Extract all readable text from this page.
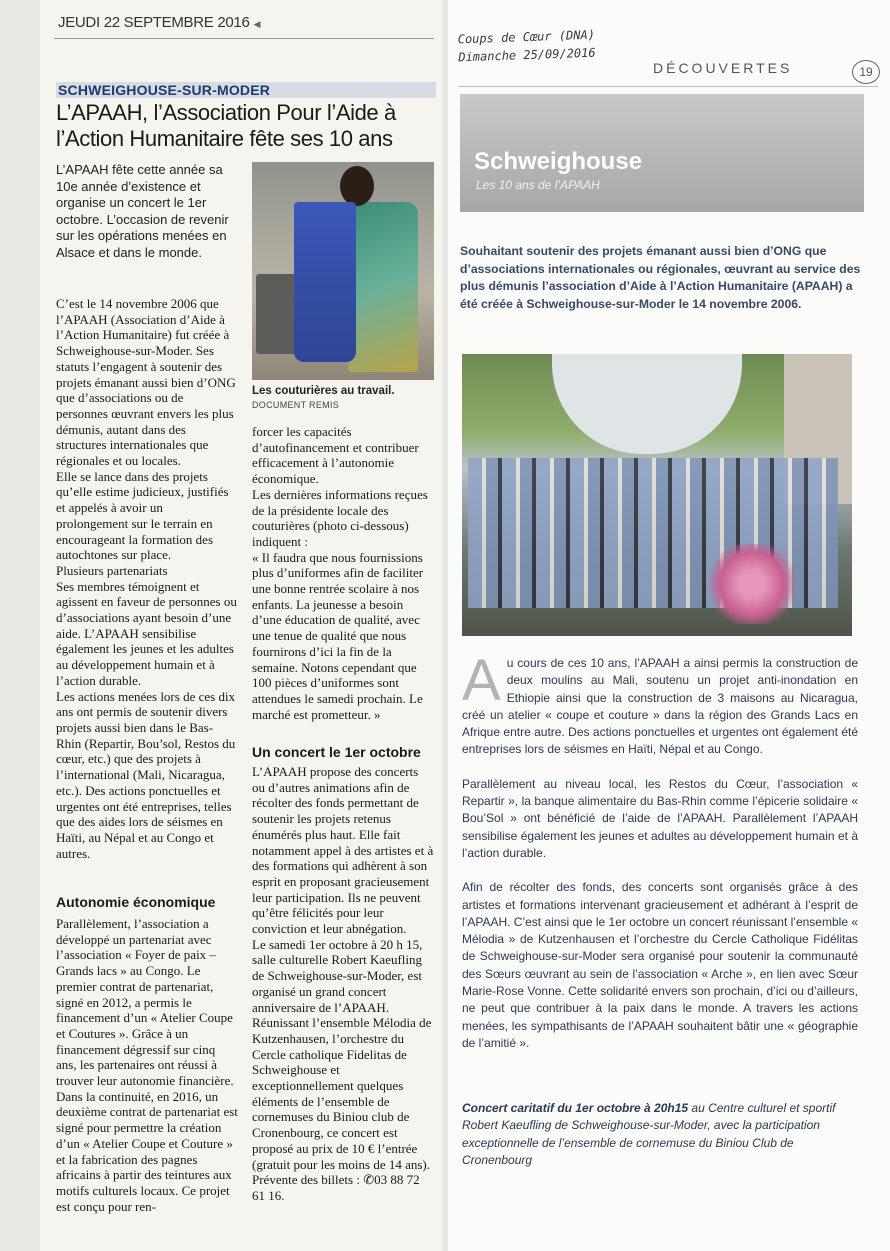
JEUDI 22 SEPTEMBRE 2016 ◀
SCHWEIGHOUSE-SUR-MODER
L’APAAH, l’Association Pour l’Aide à l’Action Humanitaire fête ses 10 ans
L’APAAH fête cette année sa 10e année d’existence et organise un concert le 1er octobre. L’occasion de revenir sur les opérations menées en Alsace et dans le monde.
Les couturières au travail.
DOCUMENT REMIS

C’est le 14 novembre 2006 que l’APAAH (Association d’Aide à l’Action Humanitaire) fut créée à Schweighouse-sur-Moder. Ses statuts l’engagent à soutenir des projets émanant aussi bien d’ONG que d’associations ou de personnes œuvrant envers les plus démunis, autant dans des structures internationales que régionales et ou locales.

Elle se lance dans des projets qu’elle estime judicieux, justifiés et appelés à avoir un prolongement sur le terrain en encourageant la formation des autochtones sur place.

Plusieurs partenariats

Ses membres témoignent et agissent en faveur de personnes ou d’associations ayant besoin d’une aide. L’APAAH sensibilise également les jeunes et les adultes au développement humain et à l’action durable.

Les actions menées lors de ces dix ans ont permis de soutenir divers projets aussi bien dans le Bas-Rhin (Repartir, Bou’sol, Restos du cœur, etc.) que des projets à l’international (Mali, Nicaragua, etc.). Des actions ponctuelles et urgentes ont été entreprises, telles que des aides lors de séismes en Haïti, au Népal et au Congo et autres.

Autonomie économique

Parallèlement, l’association a développé un partenariat avec l’association « Foyer de paix – Grands lacs » au Congo. Le premier contrat de partenariat, signé en 2012, a permis le financement d’un « Atelier Coupe et Coutures ». Grâce à un financement dégressif sur cinq ans, les partenaires ont réussi à trouver leur autonomie financière.

Dans la continuité, en 2016, un deuxième contrat de partenariat est signé pour permettre la création d’un « Atelier Coupe et Couture » et la fabrication des pagnes africains à partir des teintures aux motifs culturels locaux. Ce projet est conçu pour ren-

forcer les capacités d’autofinancement et contribuer efficacement à l’autonomie économique.

Les dernières informations reçues de la présidente locale des couturières (photo ci-dessous) indiquent :

« Il faudra que nous fournissions plus d’uniformes afin de faciliter une bonne rentrée scolaire à nos enfants. La jeunesse a besoin d’une éducation de qualité, avec une tenue de qualité que nous fournirons d’ici la fin de la semaine. Notons cependant que 100 pièces d’uniformes sont attendues le samedi prochain. Le marché est prometteur. »

Un concert le 1er octobre

L’APAAH propose des concerts ou d’autres animations afin de récolter des fonds permettant de soutenir les projets retenus énumérés plus haut. Elle fait notamment appel à des artistes et à des formations qui adhèrent à son esprit en proposant gracieusement leur participation. Ils ne peuvent qu’être félicités pour leur conviction et leur abnégation.

Le samedi 1er octobre à 20 h 15, salle culturelle Robert Kaeufling de Schweighouse-sur-Moder, est organisé un grand concert anniversaire de l’APAAH. Réunissant l’ensemble Mélodia de Kutzenhausen, l’orchestre du Cercle catholique Fidelitas de Schweighouse et exceptionnellement quelques éléments de l’ensemble de cornemuses du Biniou club de Cronenbourg, ce concert est proposé au prix de 10 € l’entrée (gratuit pour les moins de 14 ans). Prévente des billets : ✆03 88 72 61 16.

Coups de Cœur (DNA)
Dimanche 25/09/2016
DÉCOUVERTES	19
Schweighouse
Les 10 ans de l’APAAH
Souhaitant soutenir des projets émanant aussi bien d’ONG que d’associations internationales ou régionales, œuvrant au service des plus démunis l’association d’Aide à l’Action Humanitaire (APAAH) a été créée à Schweighouse-sur-Moder le 14 novembre 2006.

Au cours de ces 10 ans, l’APAAH a ainsi permis la construction de deux moulins au Mali, soutenu un projet anti-inondation en Ethiopie ainsi que la construction de 3 maisons au Nicaragua, créé un atelier « coupe et couture » dans la région des Grands Lacs en Afrique entre autre. Des actions ponctuelles et urgentes ont également été entreprises lors de séismes en Haïti, Népal et au Congo.

Parallèlement au niveau local, les Restos du Cœur, l’association « Repartir », la banque alimentaire du Bas-Rhin comme l’épicerie solidaire « Bou’Sol » ont bénéficié de l’aide de l’APAAH. Parallèlement l’APAAH sensibilise également les jeunes et adultes au développement humain et à l’action durable.

Afin de récolter des fonds, des concerts sont organisés grâce à des artistes et formations intervenant gracieusement et adhérant à l’esprit de l’APAAH. C’est ainsi que le 1er octobre un concert réunissant l’ensemble « Mélodia » de Kutzenhausen et l’orchestre du Cercle Catholique Fidélitas de Schweighouse-sur-Moder sera organisé pour soutenir la communauté des Sœurs œuvrant au sein de l’association « Arche », en lien avec Sœur Marie-Rose Vonne. Cette solidarité envers son prochain, d’ici ou d’ailleurs, ne peut que contribuer à la paix dans le monde. A travers les actions menées, les sympathisants de l’APAAH souhaitent bâtir une « géographie de l’amitié ».

Concert caritatif du 1er octobre à 20h15 au Centre culturel et sportif Robert Kaeufling de Schweighouse-sur-Moder, avec la participation exceptionnelle de l’ensemble de cornemuse du Biniou Club de Cronenbourg
